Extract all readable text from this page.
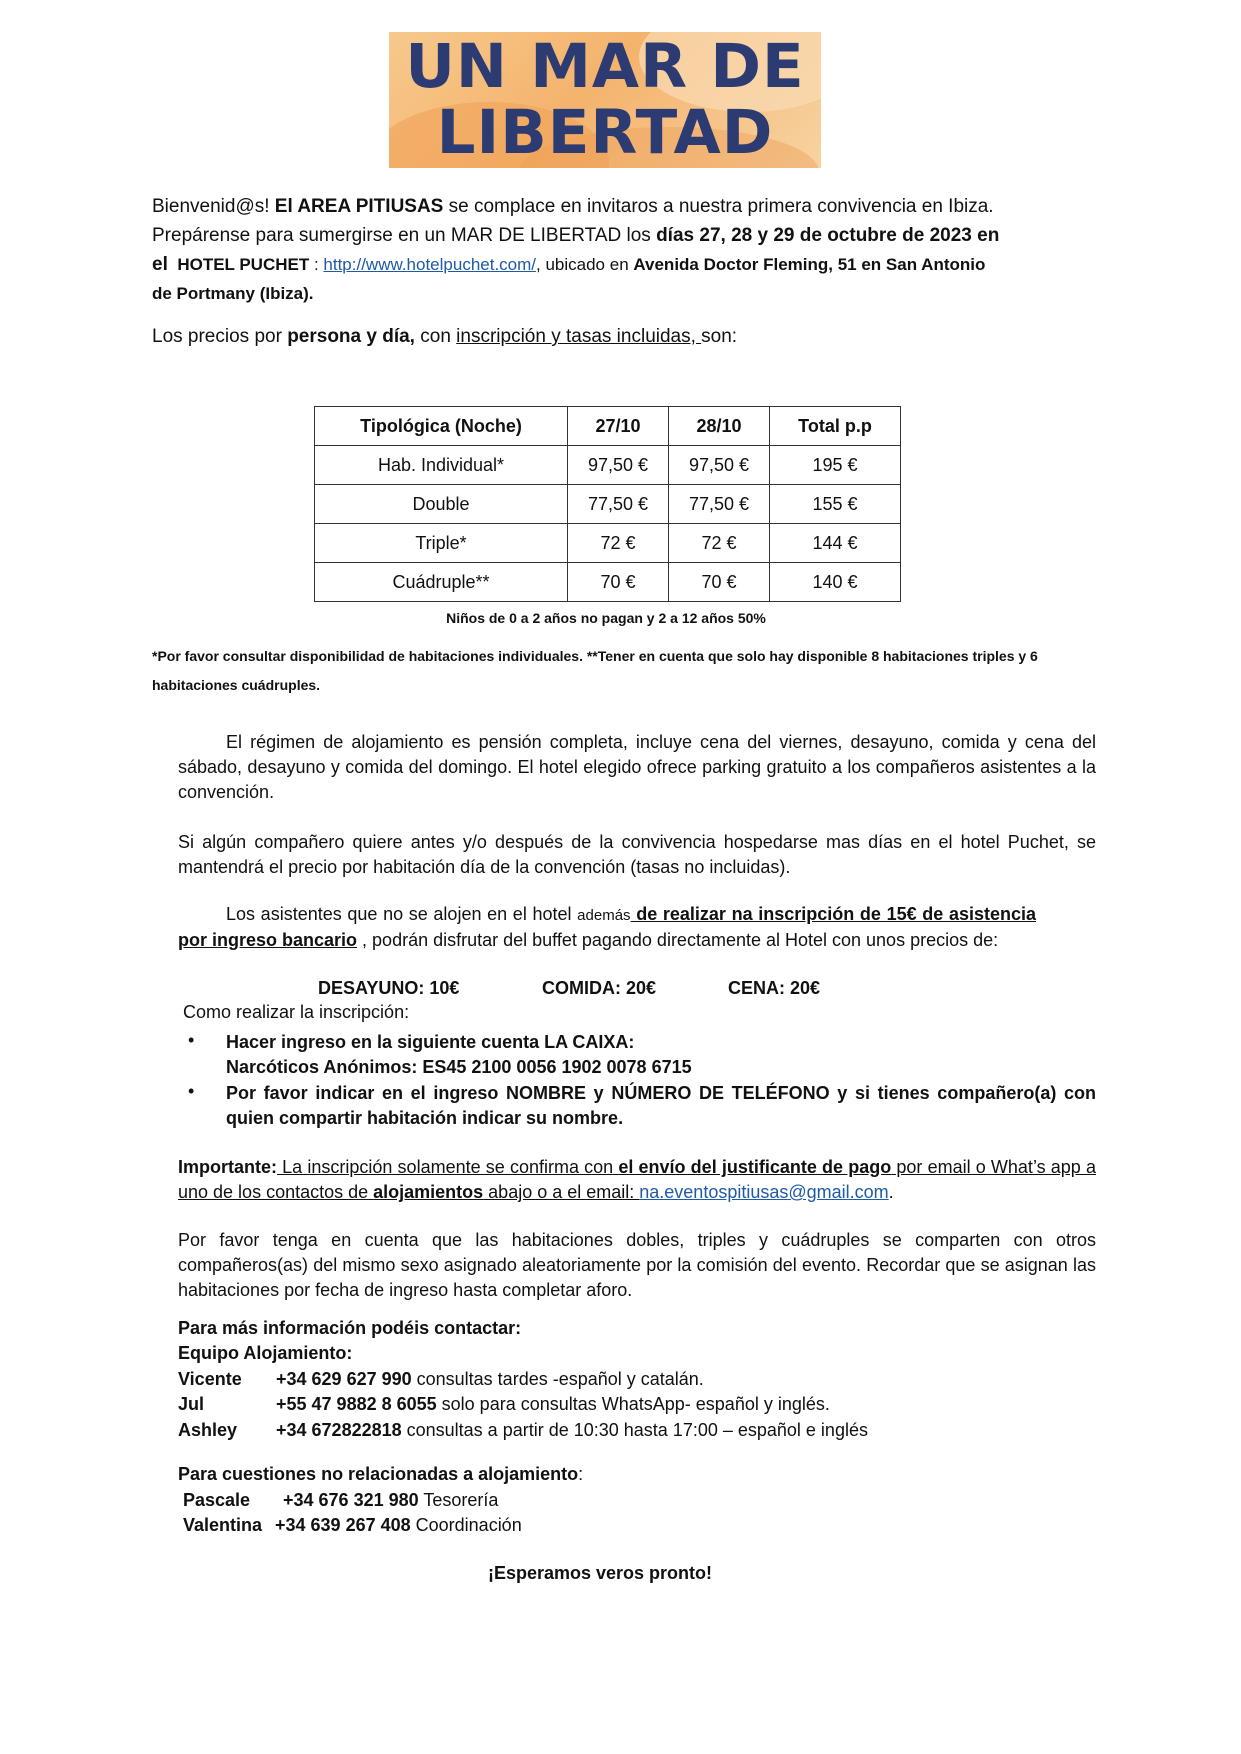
UN MAR DE
LIBERTAD

Bienvenid@s! El AREA PITIUSAS se complace en invitaros a nuestra primera convivencia en Ibiza.

Prepárense para sumergirse en un MAR DE LIBERTAD los días 27, 28 y 29 de octubre de 2023 en

el HOTEL PUCHET : http://www.hotelpuchet.com/, ubicado en Avenida Doctor Fleming, 51 en San Antonio

de Portmany (Ibiza).

Los precios por persona y día, con inscripción y tasas incluidas, son:

Tipológica (Noche)	27/10	28/10	Total p.p
Hab. Individual*	97,50 €	97,50 €	195 €
Double	77,50 €	77,50 €	155 €
Triple*	72 €	72 €	144 €
Cuádruple**	70 €	70 €	140 €
Niños de 0 a 2 años no pagan y 2 a 12 años 50%
*Por favor consultar disponibilidad de habitaciones individuales. **Tener en cuenta que solo hay disponible 8 habitaciones triples y 6
habitaciones cuádruples.
El régimen de alojamiento es pensión completa, incluye cena del viernes, desayuno, comida y cena del sábado, desayuno y comida del domingo. El hotel elegido ofrece parking gratuito a los compañeros asistentes a la convención.
Si algún compañero quiere antes y/o después de la convivencia hospedarse mas días en el hotel Puchet, se mantendrá el precio por habitación día de la convención (tasas no incluidas).
Los asistentes que no se alojen en el hotel además de realizar na inscripción de 15€ de asistencia por ingreso bancario , podrán disfrutar del buffet pagando directamente al Hotel con unos precios de:
DESAYUNO: 10€	COMIDA: 20€	CENA: 20€
Como realizar la inscripción:
• Hacer ingreso en la siguiente cuenta LA CAIXA:
Narcóticos Anónimos: ES45 2100 0056 1902 0078 6715
• Por favor indicar en el ingreso NOMBRE y NÚMERO DE TELÉFONO y si tienes compañero(a) con quien compartir habitación indicar su nombre.
Importante: La inscripción solamente se confirma con el envío del justificante de pago por email o What’s app a uno de los contactos de alojamientos abajo o a el email: na.eventospitiusas@gmail.com.
Por favor tenga en cuenta que las habitaciones dobles, triples y cuádruples se comparten con otros compañeros(as) del mismo sexo asignado aleatoriamente por la comisión del evento. Recordar que se asignan las habitaciones por fecha de ingreso hasta completar aforo.
Para más información podéis contactar:
Equipo Alojamiento:
Vicente +34 629 627 990 consultas tardes -español y catalán.
Jul	+55 47 9882 8 6055 solo para consultas WhatsApp- español y inglés.
Ashley +34 672822818 consultas a partir de 10:30 hasta 17:00 – español e inglés
Para cuestiones no relacionadas a alojamiento:
Pascale +34 676 321 980 Tesorería
Valentina +34 639 267 408 Coordinación
¡Esperamos veros pronto!
